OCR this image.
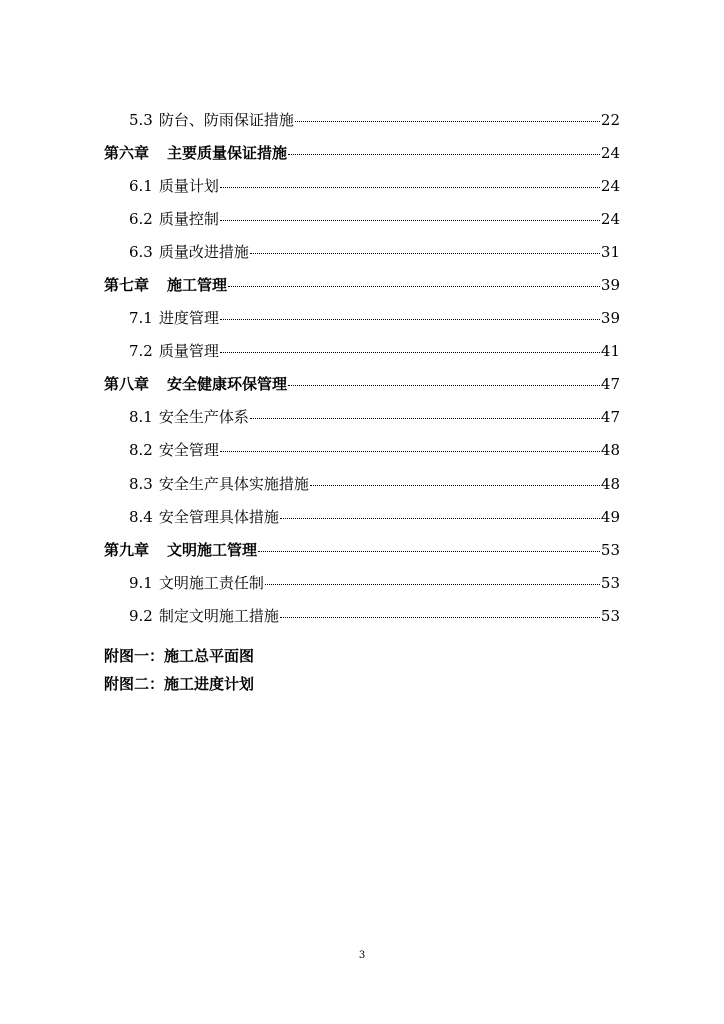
5.3 防台、防雨保证措施	22
第六章 主要质量保证措施	24
6.1 质量计划	24
6.2 质量控制	24
6.3 质量改进措施	31
第七章 施工管理	39
7.1 进度管理	39
7.2 质量管理	41
第八章 安全健康环保管理	47
8.1 安全生产体系	47
8.2 安全管理	48
8.3 安全生产具体实施措施	48
8.4 安全管理具体措施	49
第九章 文明施工管理	53
9.1 文明施工责任制	53
9.2 制定文明施工措施	53
附图一：施工总平面图
附图二：施工进度计划
3
